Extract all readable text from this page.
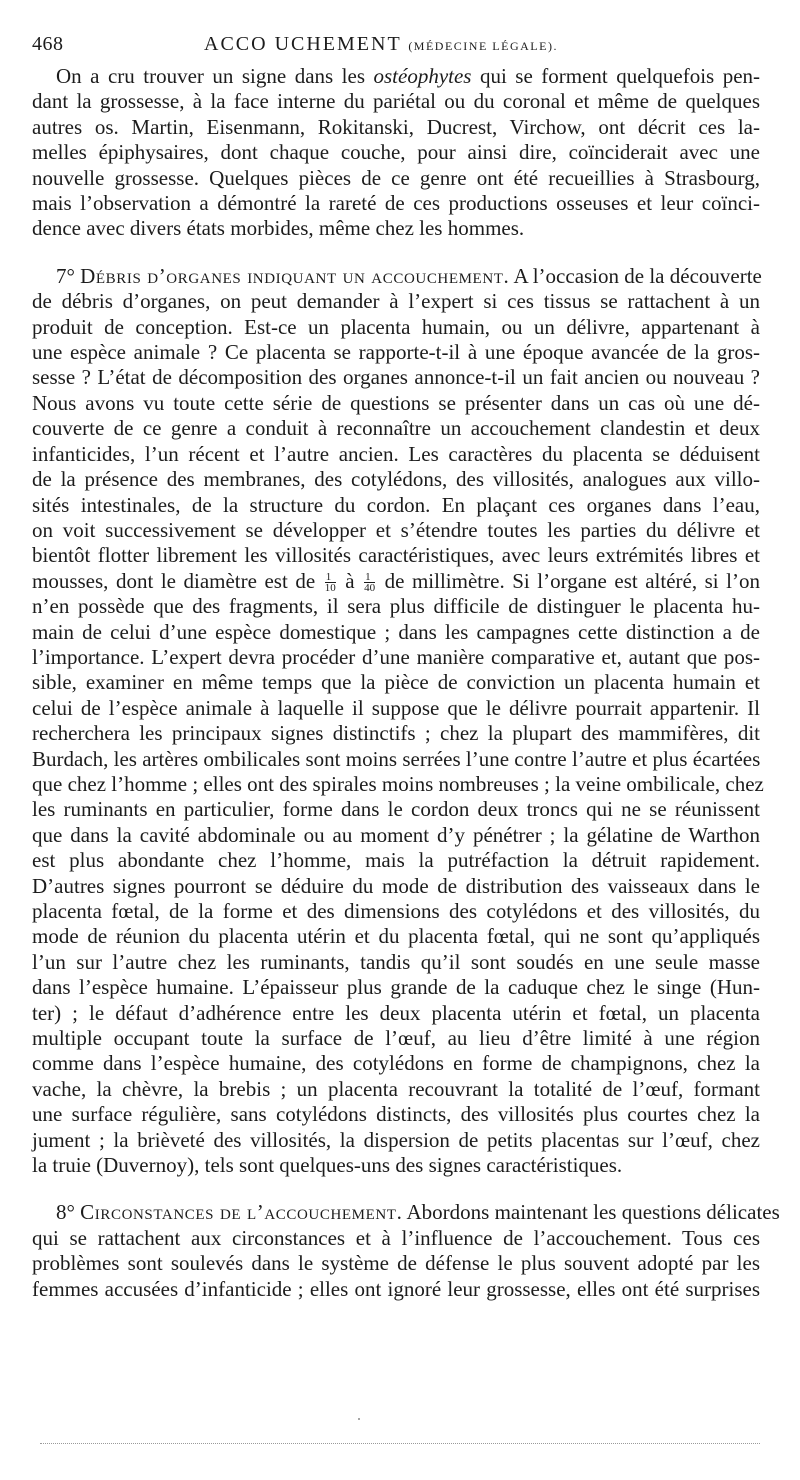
468	ACCO UCHEMENT (MÉDECINE LÉGALE).
On a cru trouver un signe dans les ostéophytes qui se forment quelquefois pen-
dant la grossesse, à la face interne du pariétal ou du coronal et même de quelques
autres os. Martin, Eisenmann, Rokitanski, Ducrest, Virchow, ont décrit ces la-
melles épiphysaires, dont chaque couche, pour ainsi dire, coïnciderait avec une
nouvelle grossesse. Quelques pièces de ce genre ont été recueillies à Strasbourg,
mais l’observation a démontré la rareté de ces productions osseuses et leur coïnci-
dence avec divers états morbides, même chez les hommes.
7° Débris d’organes indiquant un accouchement. A l’occasion de la découverte
de débris d’organes, on peut demander à l’expert si ces tissus se rattachent à un
produit de conception. Est-ce un placenta humain, ou un délivre, appartenant à
une espèce animale ? Ce placenta se rapporte-t-il à une époque avancée de la gros-
sesse ? L’état de décomposition des organes annonce-t-il un fait ancien ou nouveau ?
Nous avons vu toute cette série de questions se présenter dans un cas où une dé-
couverte de ce genre a conduit à reconnaître un accouchement clandestin et deux
infanticides, l’un récent et l’autre ancien. Les caractères du placenta se déduisent
de la présence des membranes, des cotylédons, des villosités, analogues aux villo-
sités intestinales, de la structure du cordon. En plaçant ces organes dans l’eau,
on voit successivement se développer et s’étendre toutes les parties du délivre et
bientôt flotter librement les villosités caractéristiques, avec leurs extrémités libres et
mousses, dont le diamètre est de $\frac{1}{10}$ à $\frac{1}{40}$ de millimètre. Si l’organe est altéré, si l’on
n’en possède que des fragments, il sera plus difficile de distinguer le placenta hu-
main de celui d’une espèce domestique ; dans les campagnes cette distinction a de
l’importance. L’expert devra procéder d’une manière comparative et, autant que pos-
sible, examiner en même temps que la pièce de conviction un placenta humain et
celui de l’espèce animale à laquelle il suppose que le délivre pourrait appartenir. Il
recherchera les principaux signes distinctifs ; chez la plupart des mammifères, dit
Burdach, les artères ombilicales sont moins serrées l’une contre l’autre et plus écartées
que chez l’homme ; elles ont des spirales moins nombreuses ; la veine ombilicale, chez
les ruminants en particulier, forme dans le cordon deux troncs qui ne se réunissent
que dans la cavité abdominale ou au moment d’y pénétrer ; la gélatine de Warthon
est plus abondante chez l’homme, mais la putréfaction la détruit rapidement.
D’autres signes pourront se déduire du mode de distribution des vaisseaux dans le
placenta fœtal, de la forme et des dimensions des cotylédons et des villosités, du
mode de réunion du placenta utérin et du placenta fœtal, qui ne sont qu’appliqués
l’un sur l’autre chez les ruminants, tandis qu’il sont soudés en une seule masse
dans l’espèce humaine. L’épaisseur plus grande de la caduque chez le singe (Hun-
ter) ; le défaut d’adhérence entre les deux placenta utérin et fœtal, un placenta
multiple occupant toute la surface de l’œuf, au lieu d’être limité à une région
comme dans l’espèce humaine, des cotylédons en forme de champignons, chez la
vache, la chèvre, la brebis ; un placenta recouvrant la totalité de l’œuf, formant
une surface régulière, sans cotylédons distincts, des villosités plus courtes chez la
jument ; la brièveté des villosités, la dispersion de petits placentas sur l’œuf, chez
la truie (Duvernoy), tels sont quelques-uns des signes caractéristiques.
8° Circonstances de l’accouchement. Abordons maintenant les questions délicates
qui se rattachent aux circonstances et à l’influence de l’accouchement. Tous ces
problèmes sont soulevés dans le système de défense le plus souvent adopté par les
femmes accusées d’infanticide ; elles ont ignoré leur grossesse, elles ont été surprises
